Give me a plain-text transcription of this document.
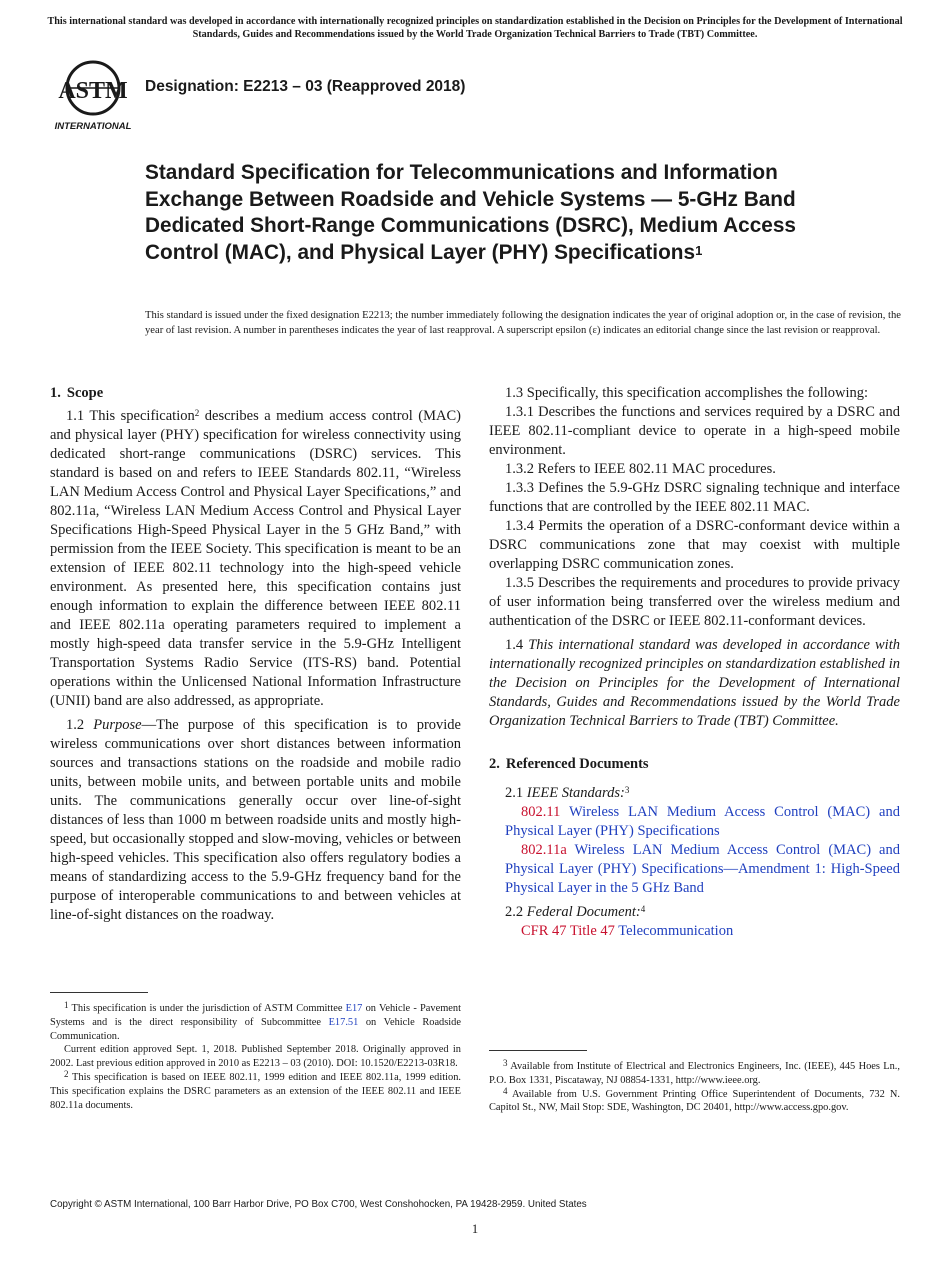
This international standard was developed in accordance with internationally recognized principles on standardization established in the Decision on Principles for the Development of International Standards, Guides and Recommendations issued by the World Trade Organization Technical Barriers to Trade (TBT) Committee.
ASTM
INTERNATIONAL
Designation: E2213 – 03 (Reapproved 2018)
Standard Specification for Telecommunications and Information Exchange Between Roadside and Vehicle Systems — 5-GHz Band Dedicated Short-Range Communications (DSRC), Medium Access Control (MAC), and Physical Layer (PHY) Specifications$^1$
This standard is issued under the fixed designation E2213; the number immediately following the designation indicates the year of original adoption or, in the case of revision, the year of last revision. A number in parentheses indicates the year of last reapproval. A superscript epsilon (ε) indicates an editorial change since the last revision or reapproval.
1. Scope

1.1 This specification$^2$ describes a medium access control (MAC) and physical layer (PHY) specification for wireless connectivity using dedicated short-range communications (DSRC) services. This standard is based on and refers to IEEE Standards 802.11, “Wireless LAN Medium Access Control and Physical Layer Specifications,” and 802.11a, “Wireless LAN Medium Access Control and Physical Layer Specifications High-Speed Physical Layer in the 5 GHz Band,” with permission from the IEEE Society. This specification is meant to be an extension of IEEE 802.11 technology into the high-speed vehicle environment. As presented here, this specification contains just enough information to explain the difference between IEEE 802.11 and IEEE 802.11a operating parameters required to implement a mostly high-speed data transfer service in the 5.9-GHz Intelligent Transportation Systems Radio Service (ITS-RS) band. Potential operations within the Unlicensed National Information Infrastructure (UNII) band are also addressed, as appropriate.

1.2 Purpose—The purpose of this specification is to provide wireless communications over short distances between information sources and transactions stations on the roadside and mobile radio units, between mobile units, and between portable units and mobile units. The communications generally occur over line-of-sight distances of less than 1000 m between roadside units and mostly high-speed, but occasionally stopped and slow-moving, vehicles or between high-speed vehicles. This specification also offers regulatory bodies a means of standardizing access to the 5.9-GHz frequency band for the purpose of interoperable communications to and between vehicles at line-of-sight distances on the roadway.

$^1$ This specification is under the jurisdiction of ASTM Committee E17 on Vehicle - Pavement Systems and is the direct responsibility of Subcommittee E17.51 on Vehicle Roadside Communication.

Current edition approved Sept. 1, 2018. Published September 2018. Originally approved in 2002. Last previous edition approved in 2010 as E2213 – 03 (2010). DOI: 10.1520/E2213-03R18.

$^2$ This specification is based on IEEE 802.11, 1999 edition and IEEE 802.11a, 1999 edition. This specification explains the DSRC parameters as an extension of the IEEE 802.11 and IEEE 802.11a documents.

1.3 Specifically, this specification accomplishes the following:

1.3.1 Describes the functions and services required by a DSRC and IEEE 802.11-compliant device to operate in a high-speed mobile environment.

1.3.2 Refers to IEEE 802.11 MAC procedures.

1.3.3 Defines the 5.9-GHz DSRC signaling technique and interface functions that are controlled by the IEEE 802.11 MAC.

1.3.4 Permits the operation of a DSRC-conformant device within a DSRC communications zone that may coexist with multiple overlapping DSRC communication zones.

1.3.5 Describes the requirements and procedures to provide privacy of user information being transferred over the wireless medium and authentication of the DSRC or IEEE 802.11-conformant devices.

1.4 This international standard was developed in accordance with internationally recognized principles on standardization established in the Decision on Principles for the Development of International Standards, Guides and Recommendations issued by the World Trade Organization Technical Barriers to Trade (TBT) Committee.

2. Referenced Documents

2.1 IEEE Standards:$^3$

802.11 Wireless LAN Medium Access Control (MAC) and Physical Layer (PHY) Specifications

802.11a Wireless LAN Medium Access Control (MAC) and Physical Layer (PHY) Specifications—Amendment 1: High-Speed Physical Layer in the 5 GHz Band

2.2 Federal Document:$^4$

CFR 47 Title 47 Telecommunication

$^3$ Available from Institute of Electrical and Electronics Engineers, Inc. (IEEE), 445 Hoes Ln., P.O. Box 1331, Piscataway, NJ 08854-1331, http://www.ieee.org.

$^4$ Available from U.S. Government Printing Office Superintendent of Documents, 732 N. Capitol St., NW, Mail Stop: SDE, Washington, DC 20401, http://www.access.gpo.gov.

Copyright © ASTM International, 100 Barr Harbor Drive, PO Box C700, West Conshohocken, PA 19428-2959. United States
1
